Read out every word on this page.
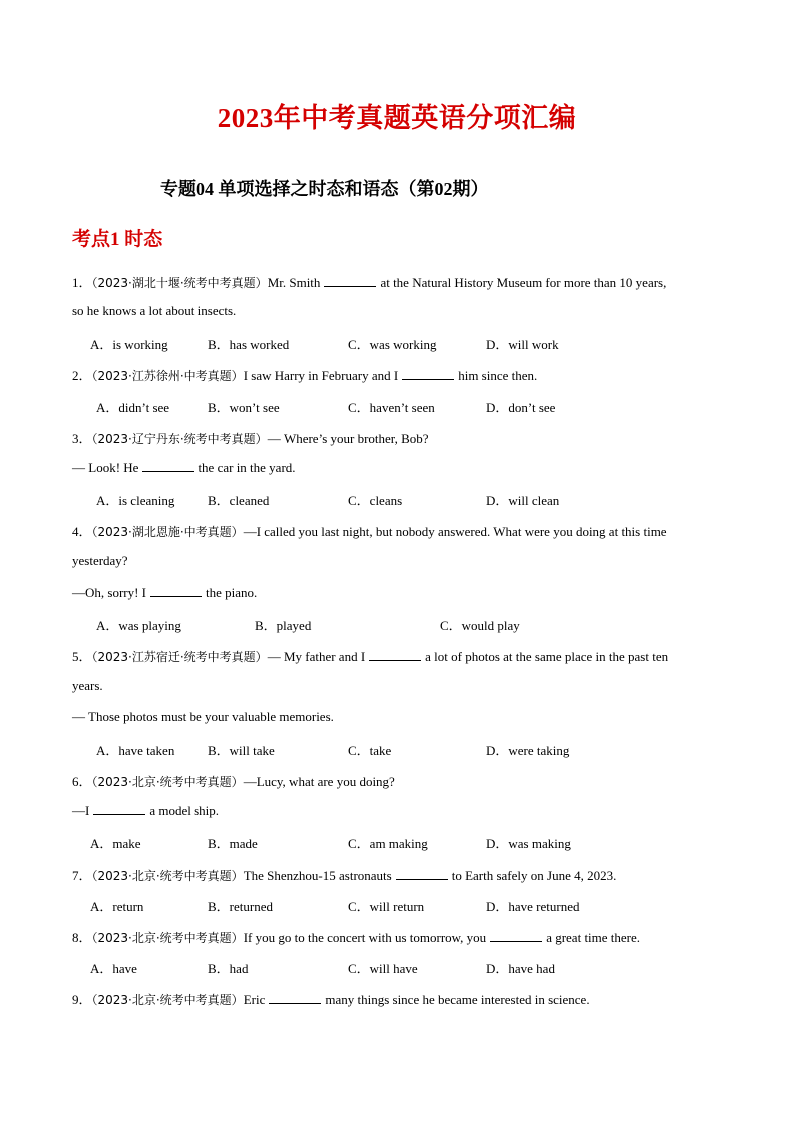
2023年中考真题英语分项汇编
专题04 单项选择之时态和语态（第02期）
考点1 时态
1．（2023·湖北十堰·统考中考真题）Mr. Smith	at the Natural History Museum for more than 10 years,
so he knows a lot about insects.
A．is working	B．has worked	C．was working	D．will work
2．（2023·江苏徐州·中考真题）I saw Harry in February and I	him since then.
A．didn’t see	B．won’t see	C．haven’t seen	D．don’t see
3．（2023·辽宁丹东·统考中考真题）— Where’s your brother, Bob?
— Look! He	the car in the yard.
A．is cleaning	B．cleaned	C．cleans	D．will clean
4．（2023·湖北恩施·中考真题）—I called you last night, but nobody answered. What were you doing at this time
yesterday?
—Oh, sorry! I	the piano.
A．was playing	B．played	C．would play
5．（2023·江苏宿迁·统考中考真题）— My father and I	a lot of photos at the same place in the past ten
years.
— Those photos must be your valuable memories.
A．have taken	B．will take	C．take	D．were taking
6．（2023·北京·统考中考真题）—Lucy, what are you doing?
—I	a model ship.
A．make	B．made	C．am making	D．was making
7．（2023·北京·统考中考真题）The Shenzhou-15 astronauts	to Earth safely on June 4, 2023.
A．return	B．returned	C．will return	D．have returned
8．（2023·北京·统考中考真题）If you go to the concert with us tomorrow, you	a great time there.
A．have	B．had	C．will have	D．have had
9．（2023·北京·统考中考真题）Eric	many things since he became interested in science.
